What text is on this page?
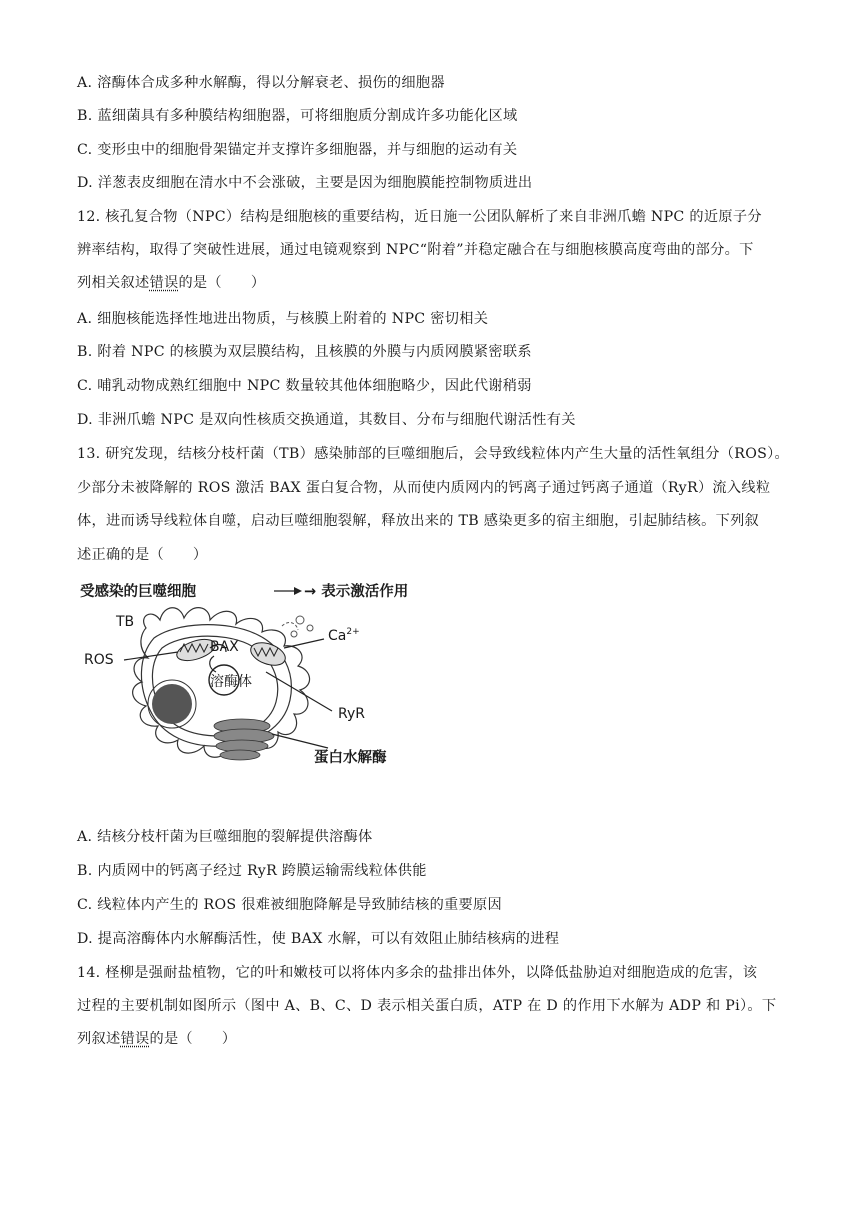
A. 溶酶体合成多种水解酶，得以分解衰老、损伤的细胞器
B. 蓝细菌具有多种膜结构细胞器，可将细胞质分割成许多功能化区域
C. 变形虫中的细胞骨架锚定并支撑许多细胞器，并与细胞的运动有关
D. 洋葱表皮细胞在清水中不会涨破，主要是因为细胞膜能控制物质进出
12. 核孔复合物（NPC）结构是细胞核的重要结构，近日施一公团队解析了来自非洲爪蟾 NPC 的近原子分
辨率结构，取得了突破性进展，通过电镜观察到 NPC“附着”并稳定融合在与细胞核膜高度弯曲的部分。下
列相关叙述错误的是（　　）
A. 细胞核能选择性地进出物质，与核膜上附着的 NPC 密切相关
B. 附着 NPC 的核膜为双层膜结构，且核膜的外膜与内质网膜紧密联系
C. 哺乳动物成熟红细胞中 NPC 数量较其他体细胞略少，因此代谢稍弱
D. 非洲爪蟾 NPC 是双向性核质交换通道，其数目、分布与细胞代谢活性有关
13. 研究发现，结核分枝杆菌（TB）感染肺部的巨噬细胞后，会导致线粒体内产生大量的活性氧组分（ROS）。
少部分未被降解的 ROS 激活 BAX 蛋白复合物，从而使内质网内的钙离子通过钙离子通道（RyR）流入线粒
体，进而诱导线粒体自噬，启动巨噬细胞裂解，释放出来的 TB 感染更多的宿主细胞，引起肺结核。下列叙
述正确的是（　　）
受感染的巨噬细胞	→ 表示激活作用
TB
ROS
BAX
$Ca^{2+}$
溶酶体
RyR
蛋白水解酶
A. 结核分枝杆菌为巨噬细胞的裂解提供溶酶体
B. 内质网中的钙离子经过 RyR 跨膜运输需线粒体供能
C. 线粒体内产生的 ROS 很难被细胞降解是导致肺结核的重要原因
D. 提高溶酶体内水解酶活性，使 BAX 水解，可以有效阻止肺结核病的进程
14. 柽柳是强耐盐植物，它的叶和嫩枝可以将体内多余的盐排出体外，以降低盐胁迫对细胞造成的危害，该
过程的主要机制如图所示（图中 A、B、C、D 表示相关蛋白质，ATP 在 D 的作用下水解为 ADP 和 Pi）。下
列叙述错误的是（　　）
